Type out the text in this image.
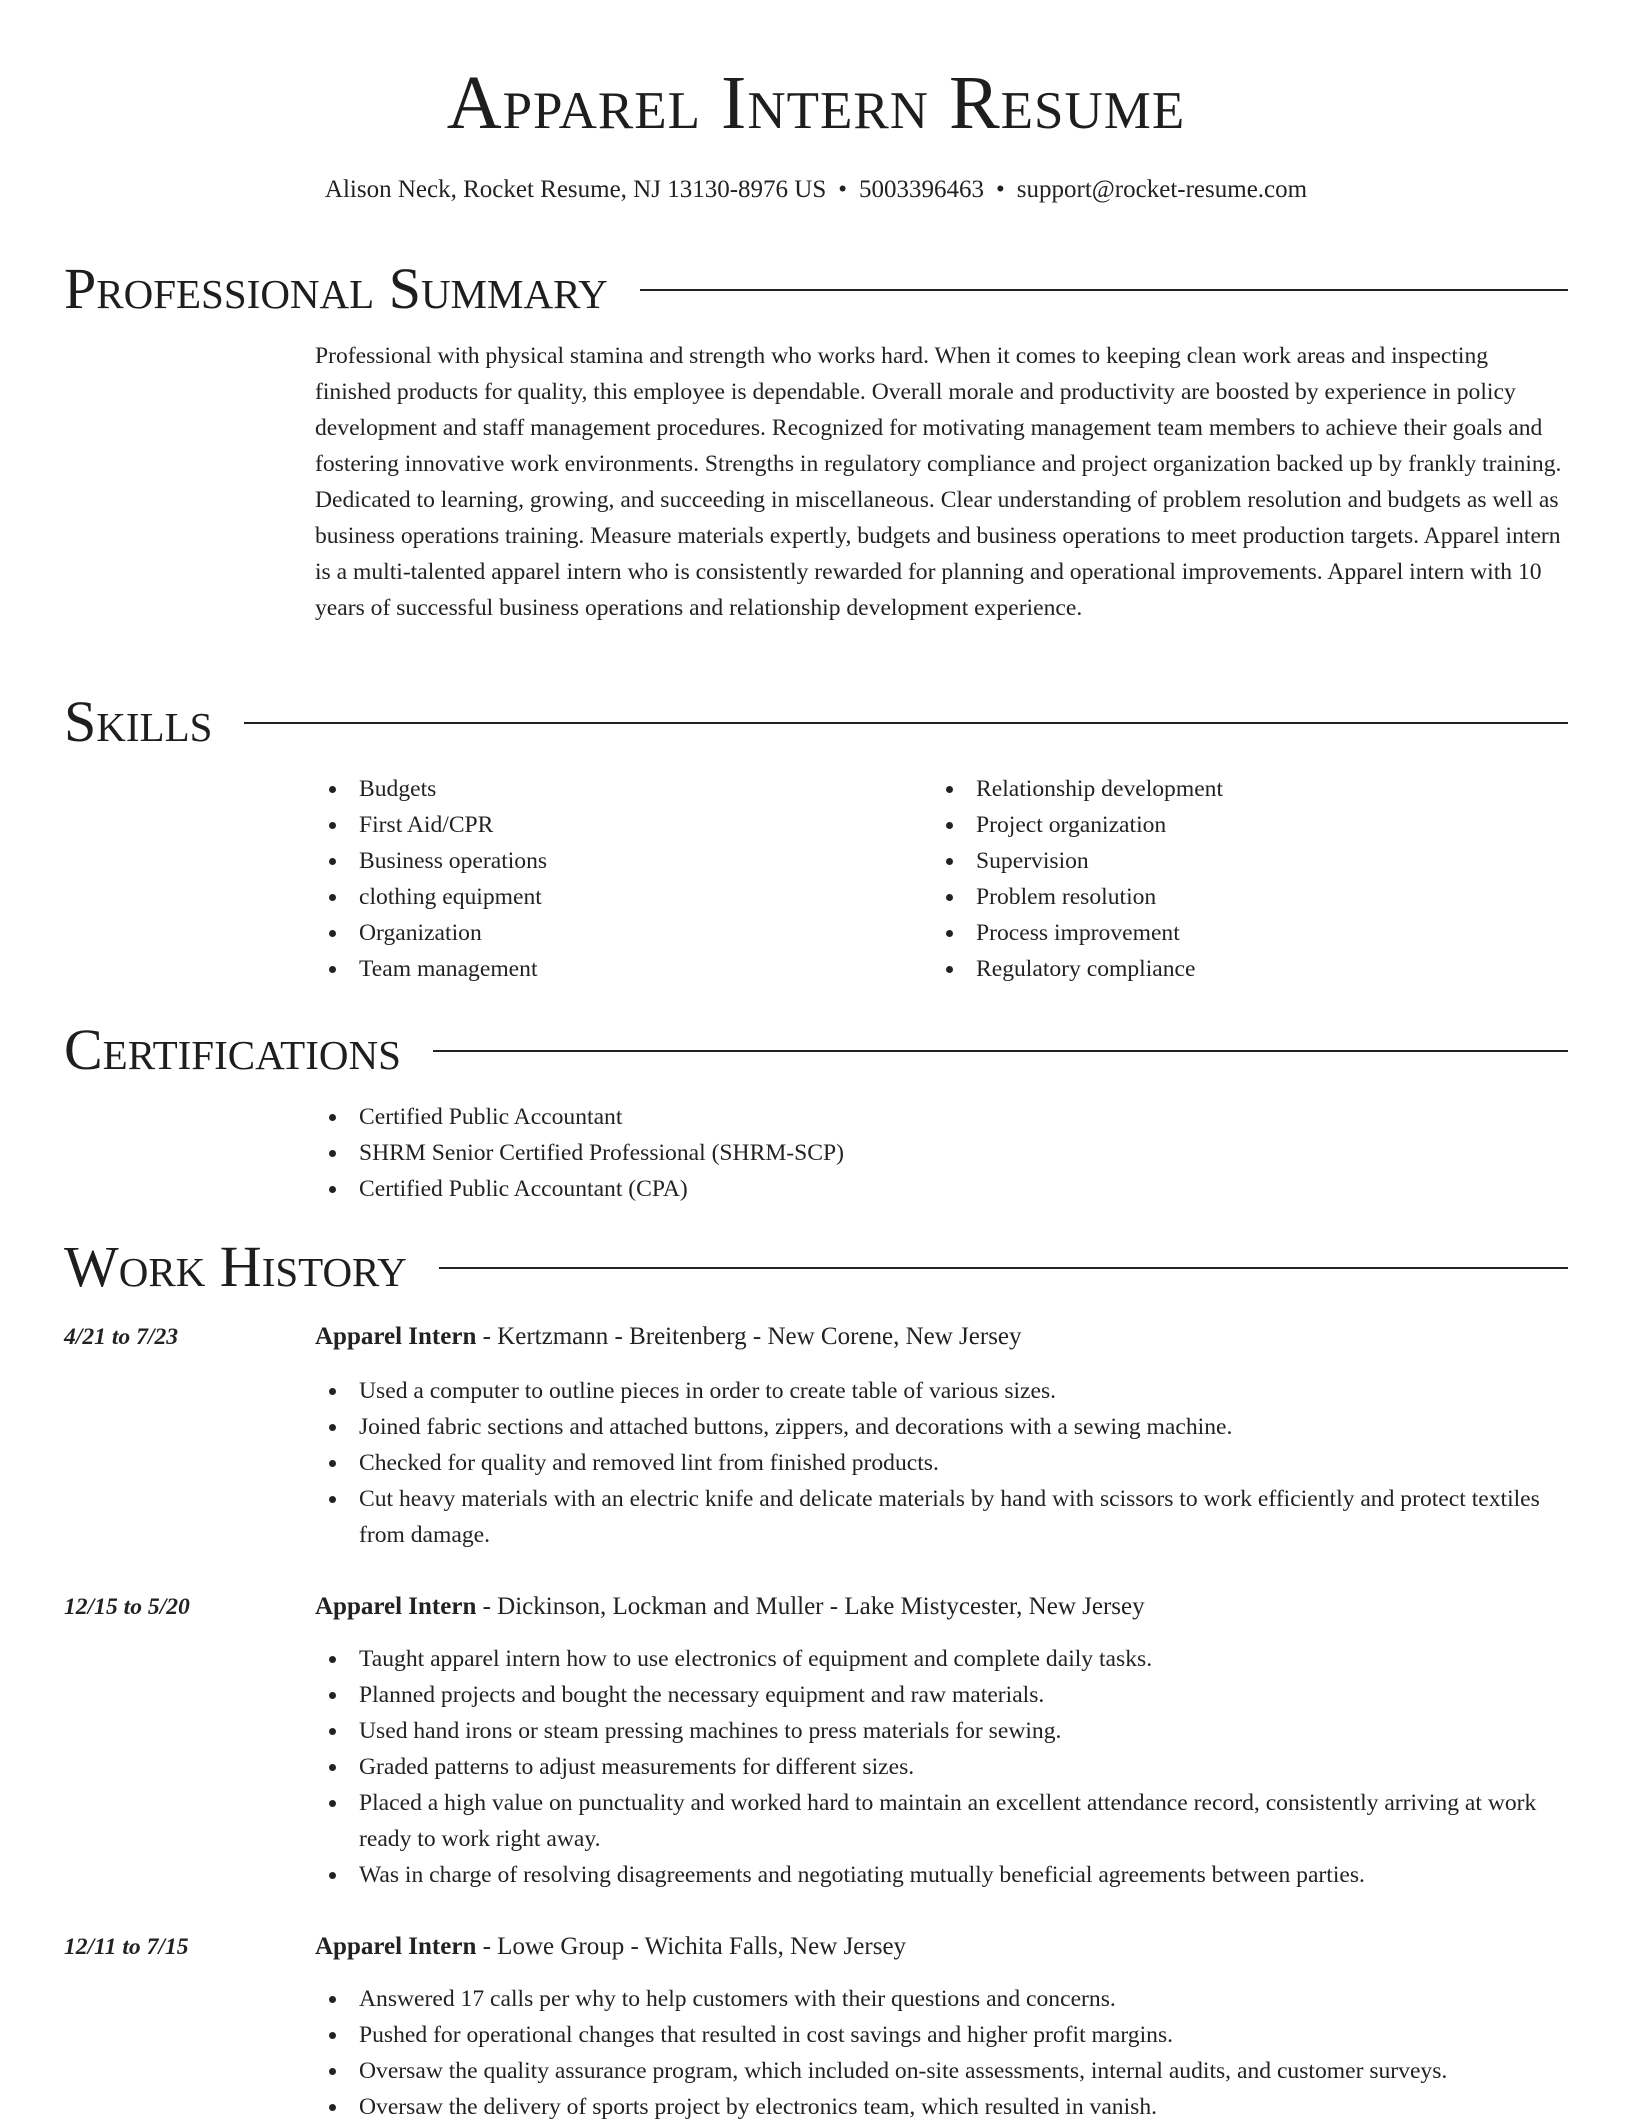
Apparel Intern Resume
Alison Neck, Rocket Resume, NJ 13130-8976 US • 5003396463 • support@rocket-resume.com
Professional Summary

Professional with physical stamina and strength who works hard. When it comes to keeping clean work areas and inspecting finished products for quality, this employee is dependable. Overall morale and productivity are boosted by experience in policy development and staff management procedures. Recognized for motivating management team members to achieve their goals and fostering innovative work environments. Strengths in regulatory compliance and project organization backed up by frankly training. Dedicated to learning, growing, and succeeding in miscellaneous. Clear understanding of problem resolution and budgets as well as business operations training. Measure materials expertly, budgets and business operations to meet production targets. Apparel intern is a multi-talented apparel intern who is consistently rewarded for planning and operational improvements. Apparel intern with 10 years of successful business operations and relationship development experience.

Skills
Budgets
First Aid/CPR
Business operations
clothing equipment
Organization
Team management
Relationship development
Project organization
Supervision
Problem resolution
Process improvement
Regulatory compliance
Certifications
Certified Public Accountant
SHRM Senior Certified Professional (SHRM-SCP)
Certified Public Accountant (CPA)
Work History
4/21 to 7/23	Apparel Intern - Kertzmann - Breitenberg - New Corene, New Jersey
Used a computer to outline pieces in order to create table of various sizes.
Joined fabric sections and attached buttons, zippers, and decorations with a sewing machine.
Checked for quality and removed lint from finished products.
Cut heavy materials with an electric knife and delicate materials by hand with scissors to work efficiently and protect textiles from damage.
12/15 to 5/20	Apparel Intern - Dickinson, Lockman and Muller - Lake Mistycester, New Jersey
Taught apparel intern how to use electronics of equipment and complete daily tasks.
Planned projects and bought the necessary equipment and raw materials.
Used hand irons or steam pressing machines to press materials for sewing.
Graded patterns to adjust measurements for different sizes.
Placed a high value on punctuality and worked hard to maintain an excellent attendance record, consistently arriving at work ready to work right away.
Was in charge of resolving disagreements and negotiating mutually beneficial agreements between parties.
12/11 to 7/15	Apparel Intern - Lowe Group - Wichita Falls, New Jersey
Answered 17 calls per why to help customers with their questions and concerns.
Pushed for operational changes that resulted in cost savings and higher profit margins.
Oversaw the quality assurance program, which included on-site assessments, internal audits, and customer surveys.
Oversaw the delivery of sports project by electronics team, which resulted in vanish.
